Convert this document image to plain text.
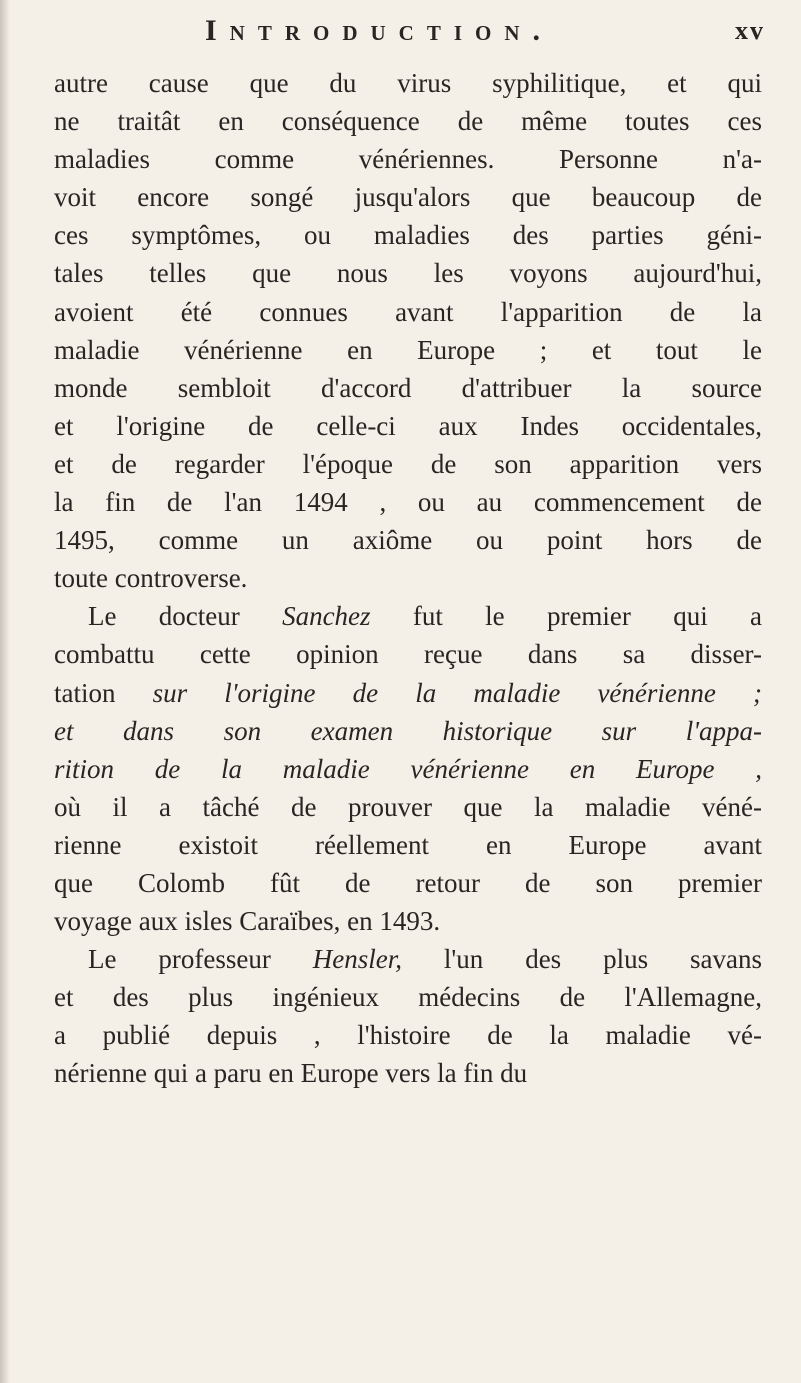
Introduction.	xv
autre cause que du virus syphilitique, et qui
ne traitât en conséquence de même toutes ces
maladies comme vénériennes. Personne n'a-
voit encore songé jusqu'alors que beaucoup de
ces symptômes, ou maladies des parties géni-
tales telles que nous les voyons aujourd'hui,
avoient été connues avant l'apparition de la
maladie vénérienne en Europe ; et tout le
monde sembloit d'accord d'attribuer la source
et l'origine de celle-ci aux Indes occidentales,
et de regarder l'époque de son apparition vers
la fin de l'an 1494 , ou au commencement de
1495, comme un axiôme ou point hors de
toute controverse.
Le docteur Sanchez fut le premier qui a
combattu cette opinion reçue dans sa disser-
tation sur l'origine de la maladie vénérienne ;
et dans son examen historique sur l'appa-
rition de la maladie vénérienne en Europe ,
où il a tâché de prouver que la maladie véné-
rienne existoit réellement en Europe avant
que Colomb fût de retour de son premier
voyage aux isles Caraïbes, en 1493.
Le professeur Hensler, l'un des plus savans
et des plus ingénieux médecins de l'Allemagne,
a publié depuis , l'histoire de la maladie vé-
nérienne qui a paru en Europe vers la fin du
